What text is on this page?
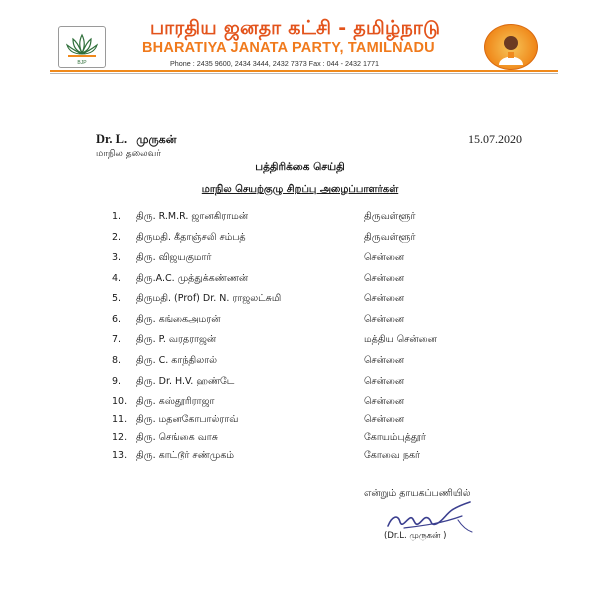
BJP
பாரதிய ஜனதா கட்சி - தமிழ்நாடு
BHARATIYA JANATA PARTY, TAMILNADU
Phone : 2435 9600, 2434 3444, 2432 7373 Fax : 044 - 2432 1771
Dr. L. முருகன்
மாநில தலைவர்
15.07.2020
பத்திரிக்கை செய்தி
மாநில செயற்குழு சிறப்பு அழைப்பாளர்கள்
1.	திரு. R.M.R. ஜானகிராமன்	திருவள்ளூர்
2.	திருமதி. கீதாஞ்சலி சம்பத்	திருவள்ளூர்
3.	திரு. விஜயகுமார்	சென்னை
4.	திரு.A.C. முத்துக்கண்ணன்	சென்னை
5.	திருமதி. (Prof) Dr. N. ராஜலட்சுமி	சென்னை
6.	திரு. கங்கைஅமரன்	சென்னை
7.	திரு. P. வரதராஜன்	மத்திய சென்னை
8.	திரு. C. காந்திலால்	சென்னை
9.	திரு. Dr. H.V. ஹண்டே	சென்னை
10. திரு. கஸ்தூரிராஜா	சென்னை
11. திரு. மதனகோபால்ராவ்	சென்னை
12. திரு. செங்கை வாசு	கோயம்புத்தூர்
13. திரு. காட்டூர் சண்முகம்	கோவை நகர்
என்றும் தாயகப்பணியில்
(Dr.L. முருகன் )
